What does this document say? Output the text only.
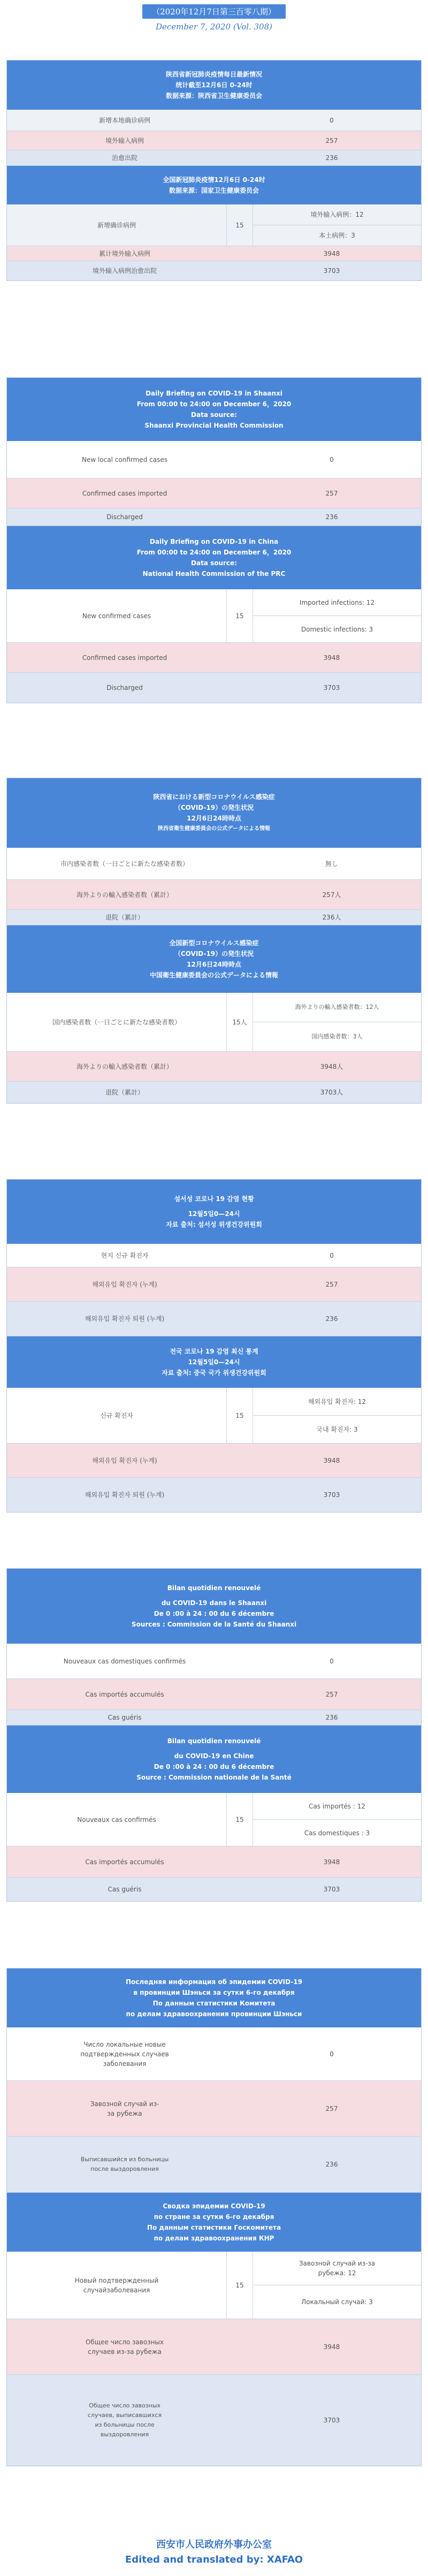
（2020年12月7日第三百零八期）
December 7, 2020 (Vol. 308)
陕西省新冠肺炎疫情每日最新情况
统计截至12月6日 0-24时
数据来源：陕西省卫生健康委员会
新增本地确诊病例	0
境外输入病例	257
治愈出院	236
全国新冠肺炎疫情12月6日 0-24时
数据来源：国家卫生健康委员会
新增确诊病例	15
境外输入病例：12
本土病例：3
累计境外输入病例	3948
境外输入病例治愈出院	3703
Daily Briefing on COVID-19 in Shaanxi
From 00:00 to 24:00 on December 6，2020
Data source:
Shaanxi Provincial Health Commission
New local confirmed cases	0
Confirmed cases imported	257
Discharged	236
Daily Briefing on COVID-19 in China
From 00:00 to 24:00 on December 6，2020
Data source:
National Health Commission of the PRC
New confirmed cases	15
Imported infections: 12
Domestic infections: 3
Confirmed cases imported	3948
Discharged	3703
陝西省における新型コロナウイルス感染症
（COVID-19）の発生状況
12月6日24時時点
陝西省衛生健康委員会の公式データによる情報
市内感染者数（一日ごとに新たな感染者数）	無し
海外よりの輸入感染者数（累計）	257人
退院（累計）	236人
全国新型コロナウイルス感染症
（COVID-19）の発生状況
12月6日24時時点
中国衛生健康委員会の公式データによる情報
国内感染者数（一日ごとに新たな感染者数）	15人
海外よりの輸入感染者数：12人
国内感染者数：3人
海外よりの輸入感染者数（累計）	3948人
退院（累計）	3703人
섬서성 코로나 19 감염 현황
12월5일0—24시
자료 출처: 섬서성 위생건강위원회
현지 신규 확진자	0
해외유입 확진자 (누계)	257
해외유입 확진자 퇴원 (누계)	236
전국 코로나 19 감염 최신 통계
12월5일0—24시
자료 출처: 중국 국가 위생건강위원회
신규 확진자	15
해외유입 확진자: 12
국내 확진자: 3
해외유입 확진자 (누계)	3948
해외유입 확진자 퇴원 (누계)	3703
Bilan quotidien renouvelé
du COVID-19 dans le Shaanxi
De 0 :00 à 24 : 00 du 6 décembre
Sources : Commission de la Santé du Shaanxi
Nouveaux cas domestiques confirmés	0
Cas importés accumulés	257
Cas guéris	236
Bilan quotidien renouvelé
du COVID-19 en Chine
De 0 :00 à 24 : 00 du 6 décembre
Source : Commission nationale de la Santé
Nouveaux cas confirmés	15
Cas importés : 12
Cas domestiques : 3
Cas importés accumulés	3948
Cas guéris	3703
Последняя информация об эпидемии COVID-19
в провинции Шэньси за сутки 6-го декабря
По данным статистики Комитета
по делам здравоохранения провинции Шэньси
Число локальные новые подтвержденных случаев заболевания
0
Завозной случай из-за рубежа
257
Выписавшийся из больницы после выздоровления
236
Сводка эпидемии COVID-19
по стране за сутки 6-го декабря
По данным статистики Госкомитета
по делам здравоохранения КНР
Новый подтвержденный случайзаболевания
15
Завозной случай из-за рубежа: 12
Локальный случай: 3
Общее число завозных случаев из-за рубежа
3948
Общее число завозных случаев, выписавшихся из больницы после выздоровления
3703
西安市人民政府外事办公室
Edited and translated by: XAFAO
